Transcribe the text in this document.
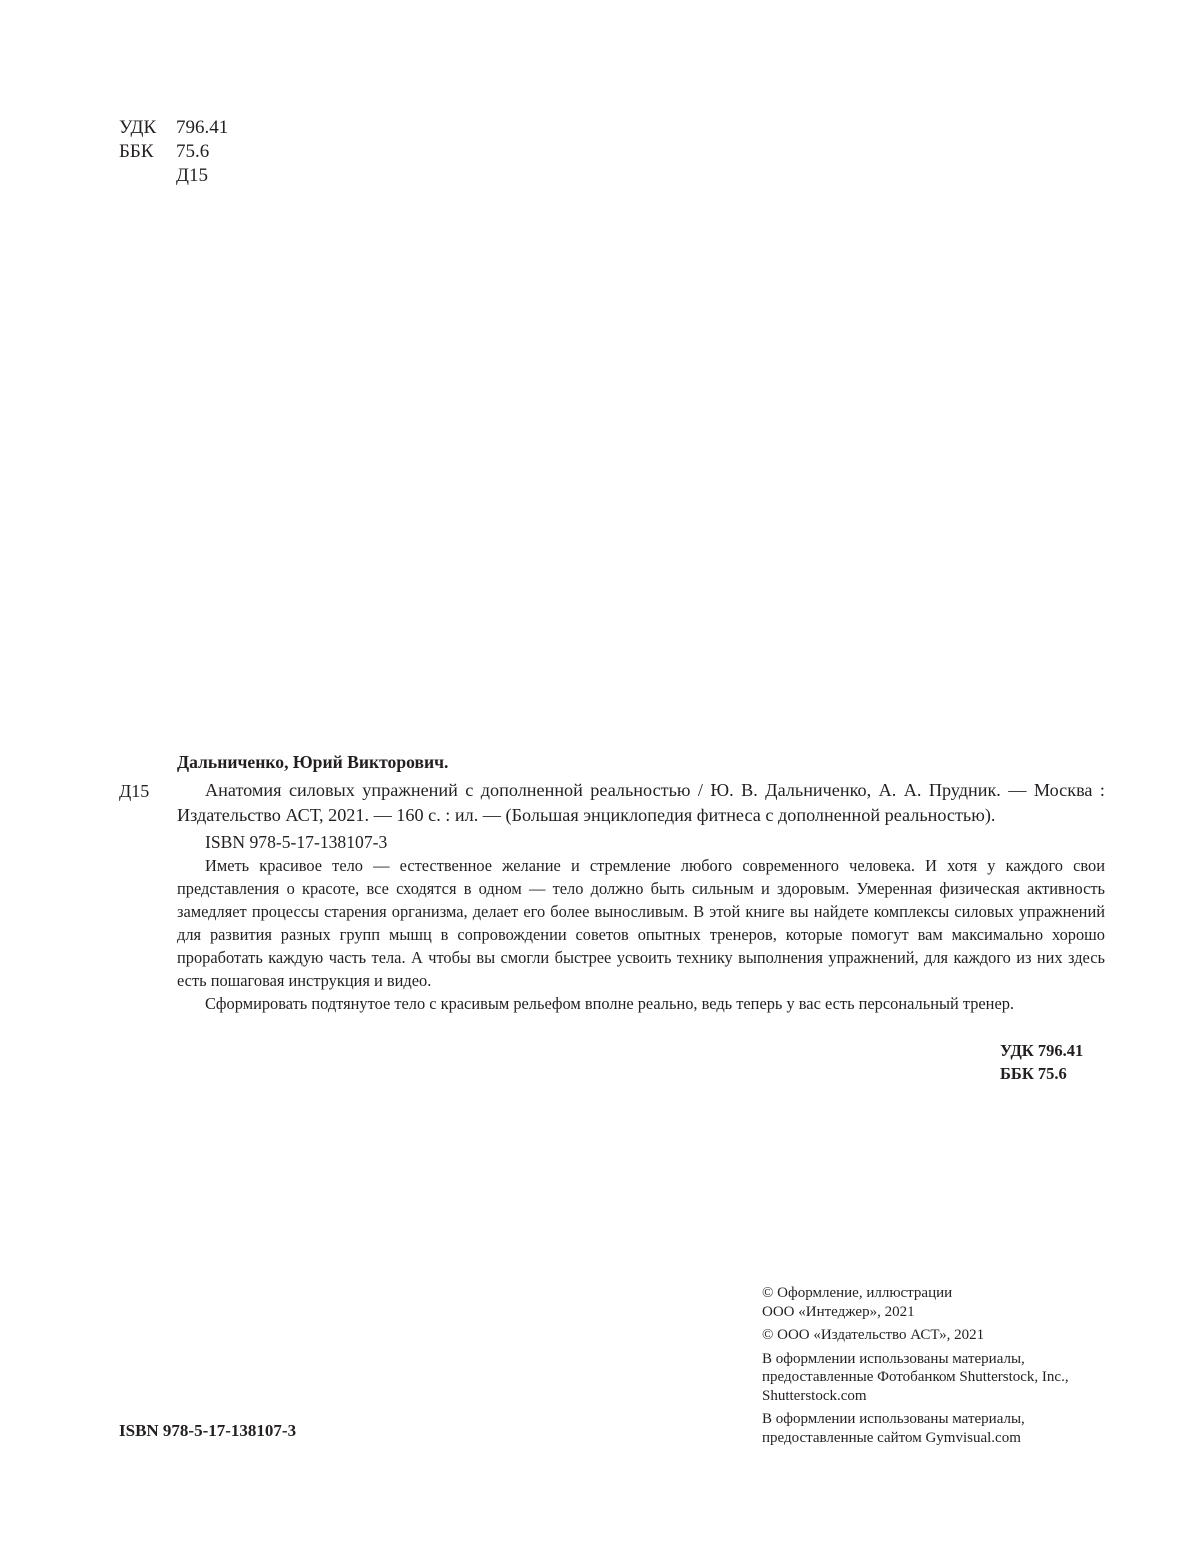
УДК	796.41
ББК	75.6
Д15
Д15
Дальниченко, Юрий Викторович.

Анатомия силовых упражнений с дополненной реальностью / Ю. В. Дальниченко, А. А. Прудник. — Москва : Издательство АСТ, 2021. — 160 с. : ил. — (Большая энциклопедия фитнеса с дополненной реальностью).

ISBN 978-5-17-138107-3

Иметь красивое тело — естественное желание и стремление любого современного человека. И хотя у каждого свои представления о красоте, все сходятся в одном — тело должно быть сильным и здоровым. Умеренная физическая активность замедляет процессы старения организма, делает его более выносливым. В этой книге вы найдете комплексы силовых упражнений для развития разных групп мышц в сопровождении советов опытных тренеров, которые помогут вам максимально хорошо проработать каждую часть тела. А чтобы вы смогли быстрее усвоить технику выполнения упражнений, для каждого из них здесь есть пошаговая инструкция и видео.

Сформировать подтянутое тело с красивым рельефом вполне реально, ведь теперь у вас есть персональный тренер.

УДК 796.41
ББК 75.6

© Оформление, иллюстрации
ООО «Интеджер», 2021

© ООО «Издательство АСТ», 2021

В оформлении использованы материалы,
предоставленные Фотобанком Shutterstock, Inc.,
Shutterstock.com

В оформлении использованы материалы,
предоставленные сайтом Gymvisual.com

ISBN 978-5-17-138107-3
